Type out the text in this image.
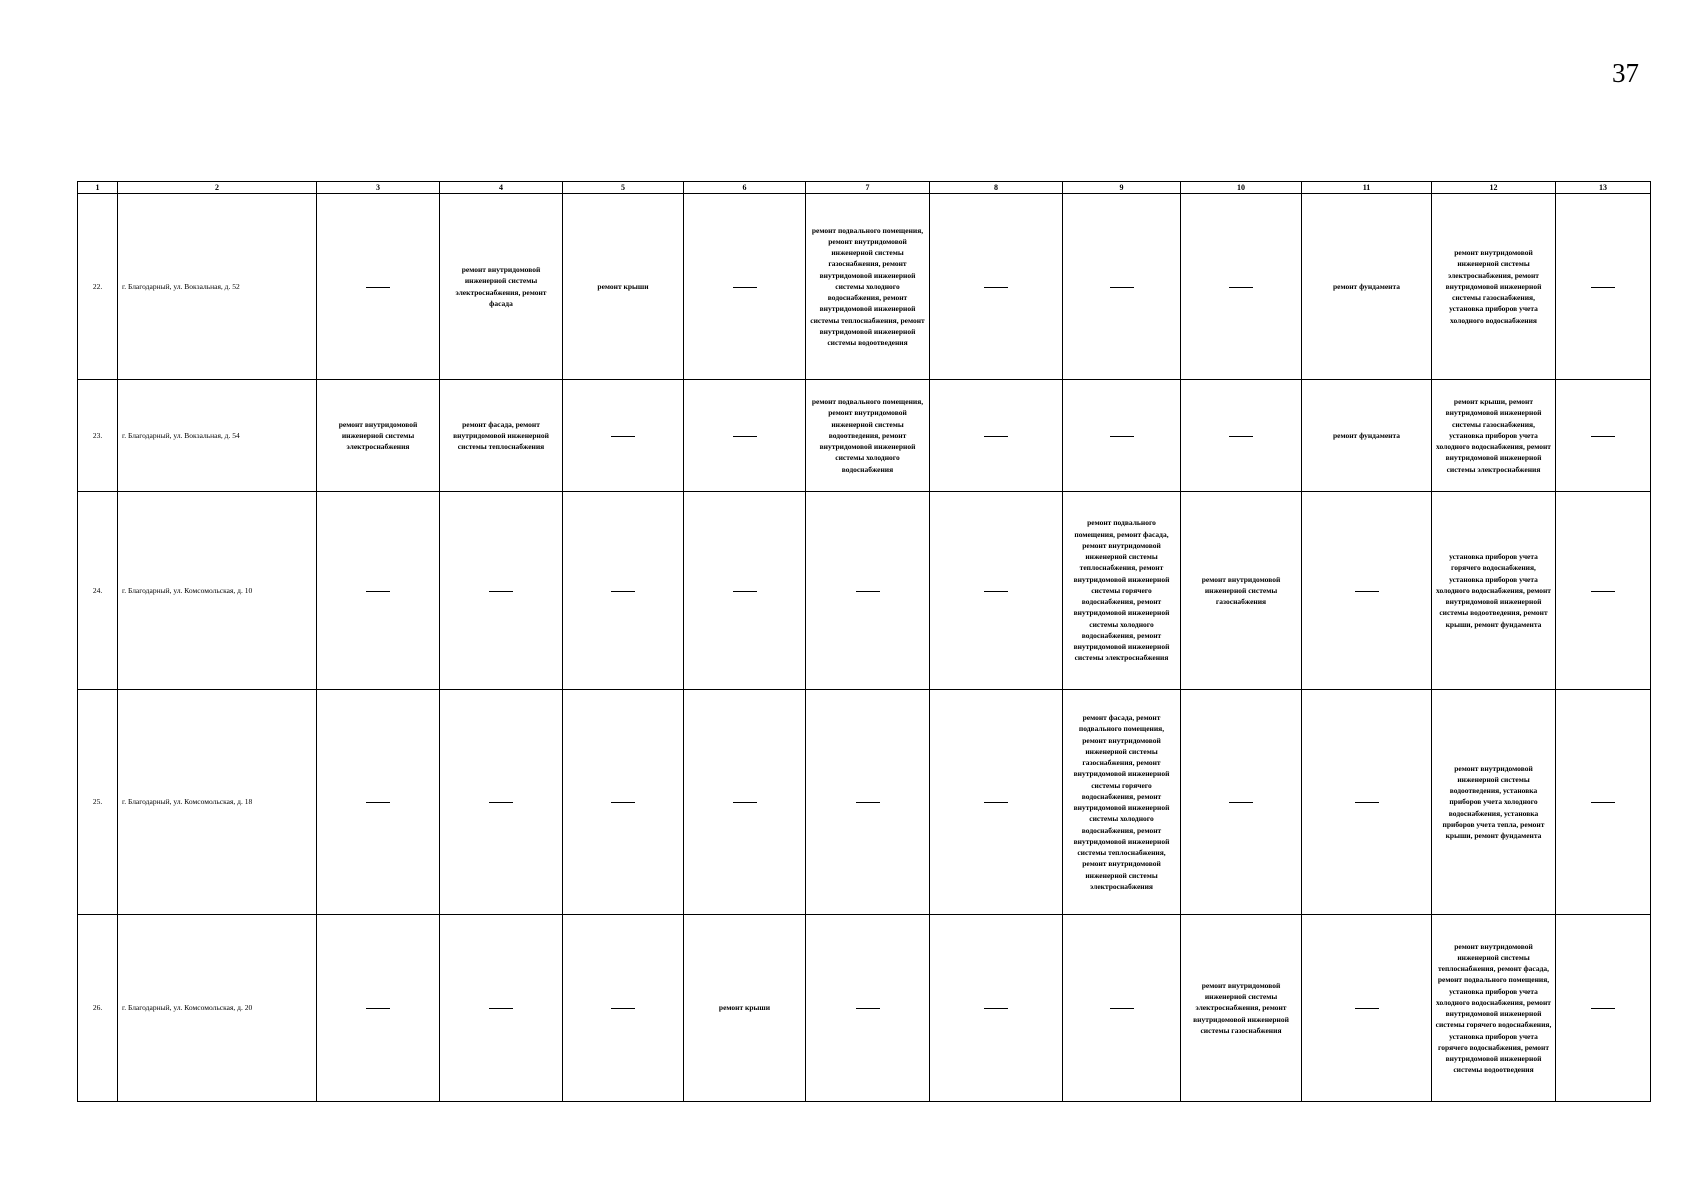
37
1	2	3	4	5	6	7	8	9	10	11	12	13
22.	г. Благодарный, ул. Вокзальная, д. 52		ремонт внутридомовой инженерной системы электроснабжения, ремонт фасада	ремонт крыши		ремонт подвального помещения, ремонт внутридомовой инженерной системы газоснабжения, ремонт внутридомовой инженерной системы холодного водоснабжения, ремонт внутридомовой инженерной системы теплоснабжения, ремонт внутридомовой инженерной системы водоотведения				ремонт фундамента	ремонт внутридомовой инженерной системы электроснабжения, ремонт внутридомовой инженерной системы газоснабжения, установка приборов учета холодного водоснабжения	
23.	г. Благодарный, ул. Вокзальная, д. 54	ремонт внутридомовой инженерной системы электроснабжения	ремонт фасада, ремонт внутридомовой инженерной системы теплоснабжения			ремонт подвального помещения, ремонт внутридомовой инженерной системы водоотведения, ремонт внутридомовой инженерной системы холодного водоснабжения				ремонт фундамента	ремонт крыши, ремонт внутридомовой инженерной системы газоснабжения, установка приборов учета холодного водоснабжения, ремонт внутридомовой инженерной системы электроснабжения	
24.	г. Благодарный, ул. Комсомольская, д. 10							ремонт подвального помещения, ремонт фасада, ремонт внутридомовой инженерной системы теплоснабжения, ремонт внутридомовой инженерной системы горячего водоснабжения, ремонт внутридомовой инженерной системы холодного водоснабжения, ремонт внутридомовой инженерной системы электроснабжения	ремонт внутридомовой инженерной системы газоснабжения		установка приборов учета горячего водоснабжения, установка приборов учета холодного водоснабжения, ремонт внутридомовой инженерной системы водоотведения, ремонт крыши, ремонт фундамента	
25.	г. Благодарный, ул. Комсомольская, д. 18							ремонт фасада, ремонт подвального помещения, ремонт внутридомовой инженерной системы газоснабжения, ремонт внутридомовой инженерной системы горячего водоснабжения, ремонт внутридомовой инженерной системы холодного водоснабжения, ремонт внутридомовой инженерной системы теплоснабжения, ремонт внутридомовой инженерной системы электроснабжения			ремонт внутридомовой инженерной системы водоотведения, установка приборов учета холодного водоснабжения, установка приборов учета тепла, ремонт крыши, ремонт фундамента	
26.	г. Благодарный, ул. Комсомольская, д. 20				ремонт крыши				ремонт внутридомовой инженерной системы электроснабжения, ремонт внутридомовой инженерной системы газоснабжения		ремонт внутридомовой инженерной системы теплоснабжения, ремонт фасада, ремонт подвального помещения, установка приборов учета холодного водоснабжения, ремонт внутридомовой инженерной системы горячего водоснабжения, установка приборов учета горячего водоснабжения, ремонт внутридомовой инженерной системы водоотведения	
